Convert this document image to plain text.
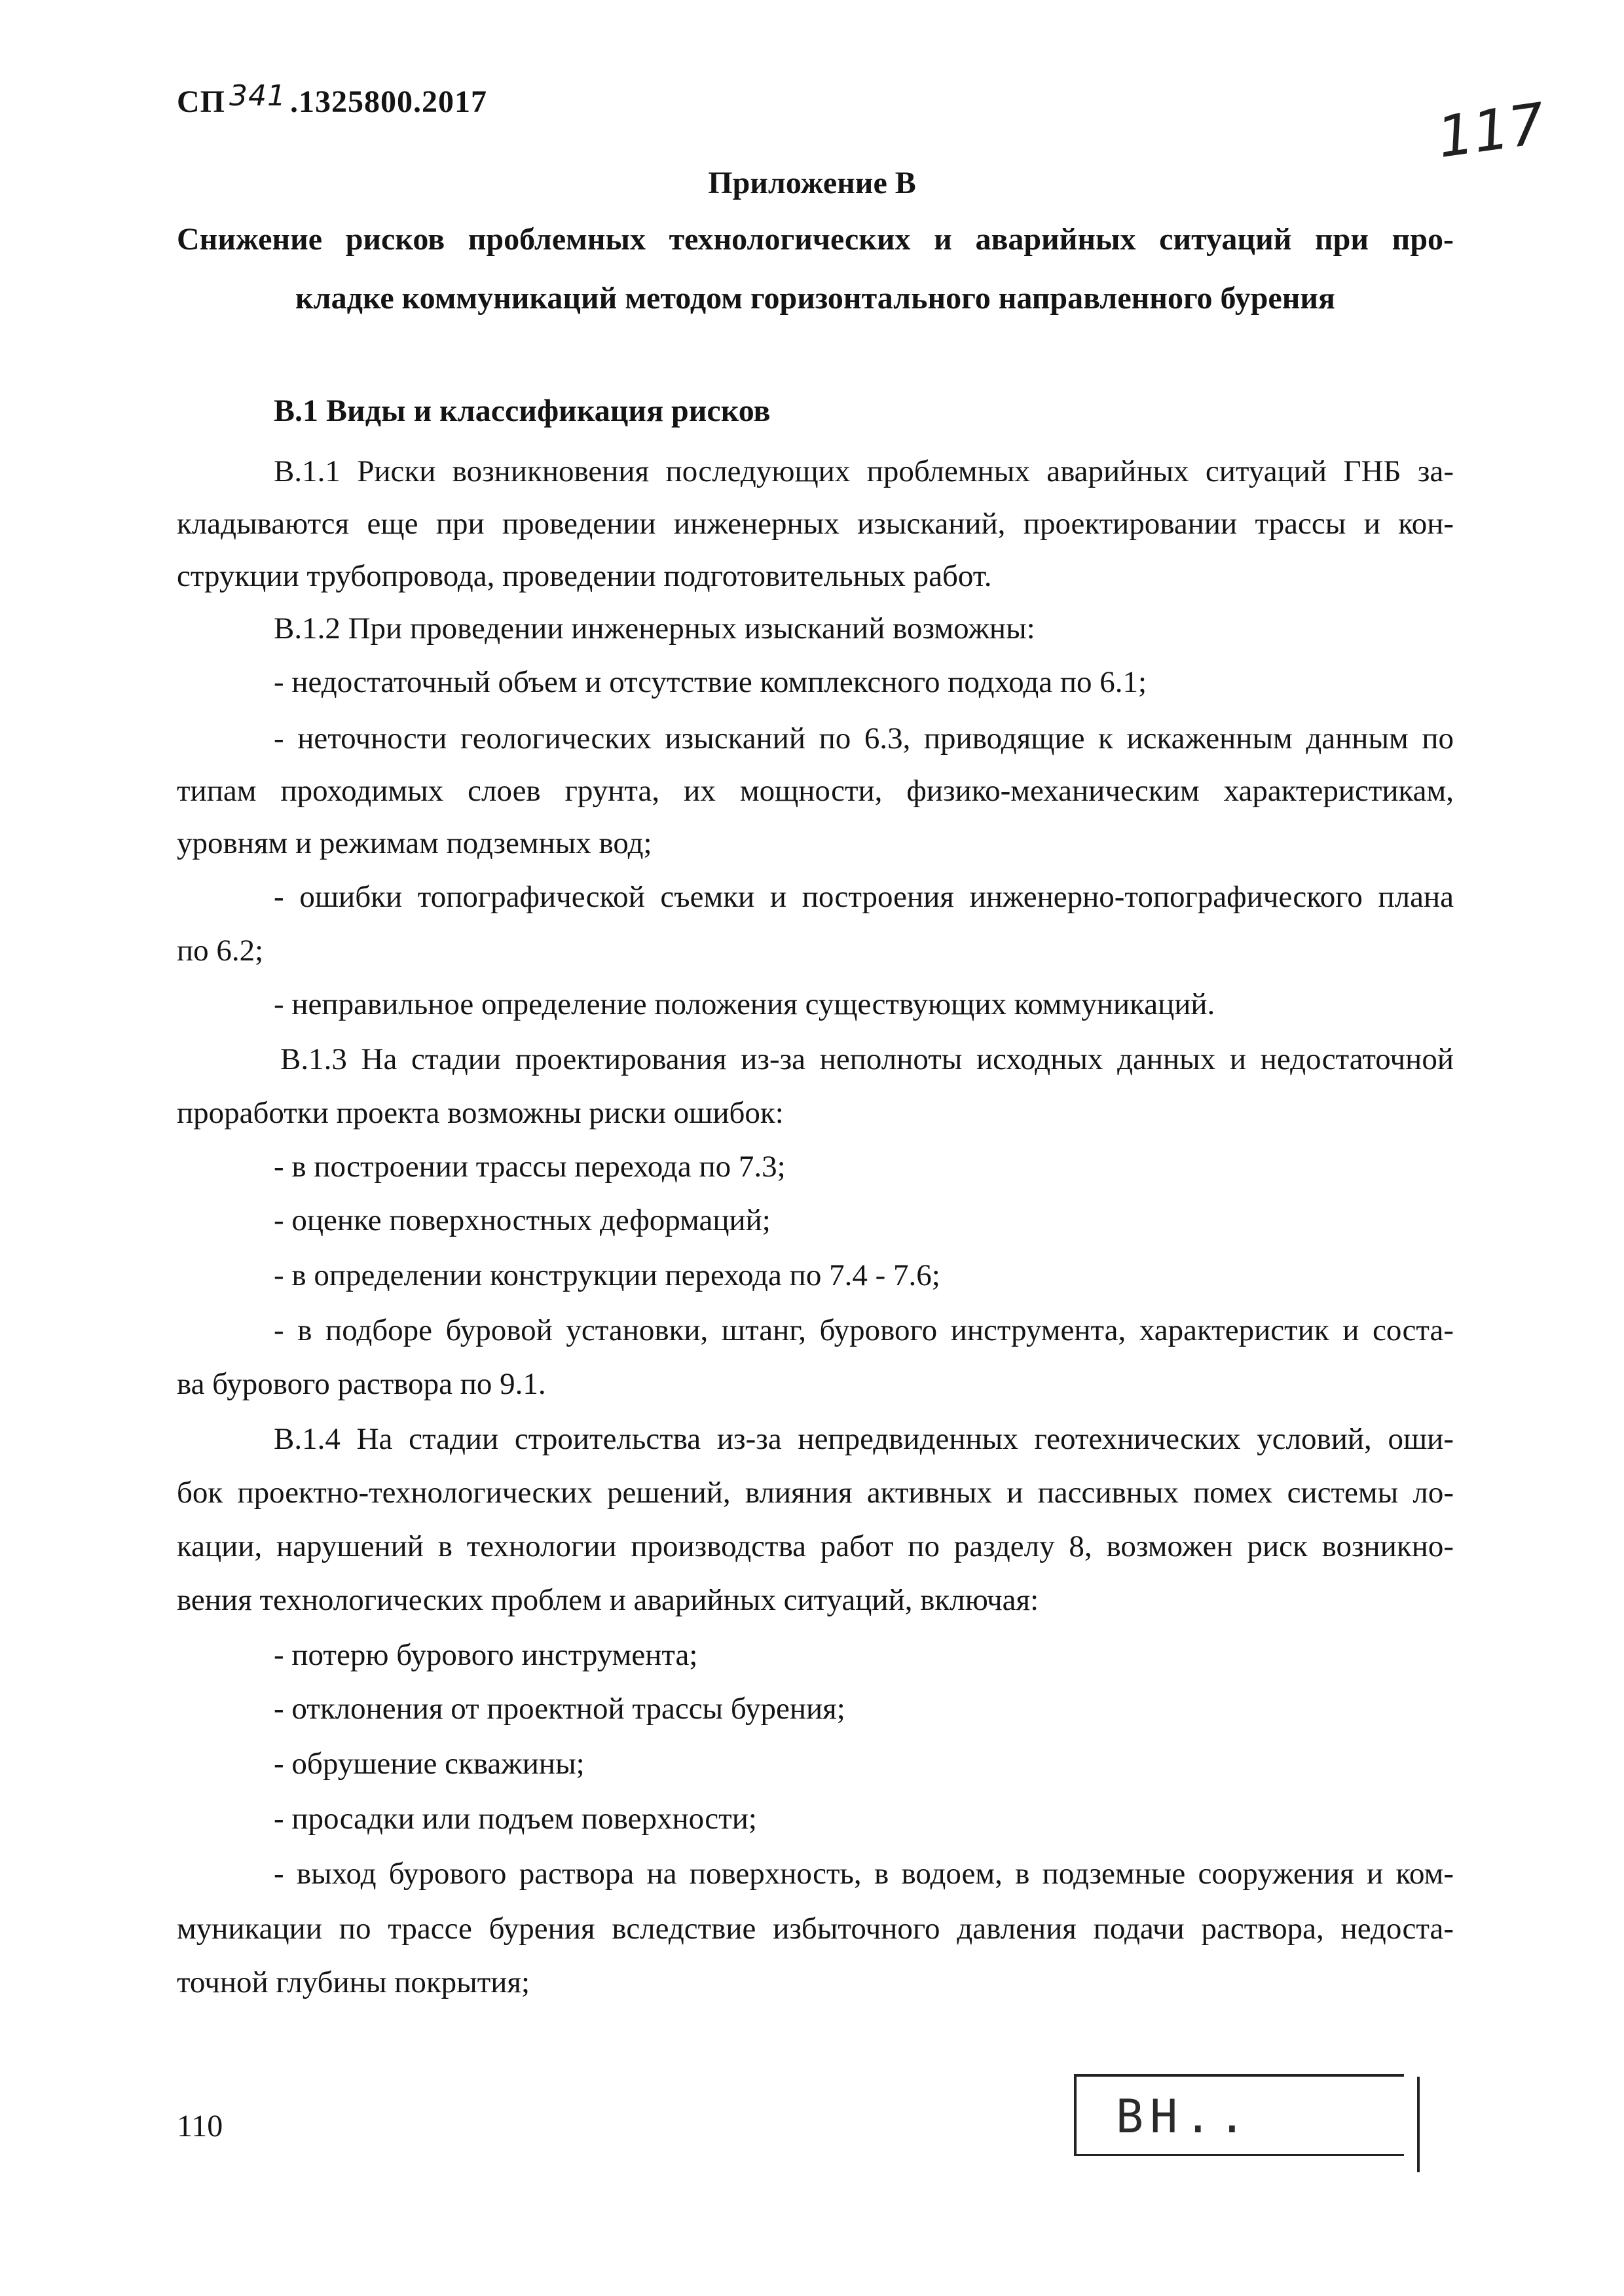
СП 341 .1325800.2017	117
Приложение В
Снижение рисков проблемных технологических и аварийных ситуаций при про-
кладке коммуникаций методом горизонтального направленного бурения
В.1 Виды и классификация рисков
В.1.1 Риски возникновения последующих проблемных аварийных ситуаций ГНБ за-
кладываются еще при проведении инженерных изысканий, проектировании трассы и кон-
струкции трубопровода, проведении подготовительных работ.
В.1.2 При проведении инженерных изысканий возможны:
- недостаточный объем и отсутствие комплексного подхода по 6.1;
- неточности геологических изысканий по 6.3, приводящие к искаженным данным по
типам проходимых слоев грунта, их мощности, физико-механическим характеристикам,
уровням и режимам подземных вод;
- ошибки топографической съемки и построения инженерно-топографического плана
по 6.2;
- неправильное определение положения существующих коммуникаций.
В.1.3 На стадии проектирования из-за неполноты исходных данных и недостаточной
проработки проекта возможны риски ошибок:
- в построении трассы перехода по 7.3;
- оценке поверхностных деформаций;
- в определении конструкции перехода по 7.4 - 7.6;
- в подборе буровой установки, штанг, бурового инструмента, характеристик и соста-
ва бурового раствора по 9.1.
В.1.4 На стадии строительства из-за непредвиденных геотехнических условий, оши-
бок проектно-технологических решений, влияния активных и пассивных помех системы ло-
кации, нарушений в технологии производства работ по разделу 8, возможен риск возникно-
вения технологических проблем и аварийных ситуаций, включая:
- потерю бурового инструмента;
- отклонения от проектной трассы бурения;
- обрушение скважины;
- просадки или подъем поверхности;
- выход бурового раствора на поверхность, в водоем, в подземные сооружения и ком-
муникации по трассе бурения вследствие избыточного давления подачи раствора, недоста-
точной глубины покрытия;
110	ВН..
